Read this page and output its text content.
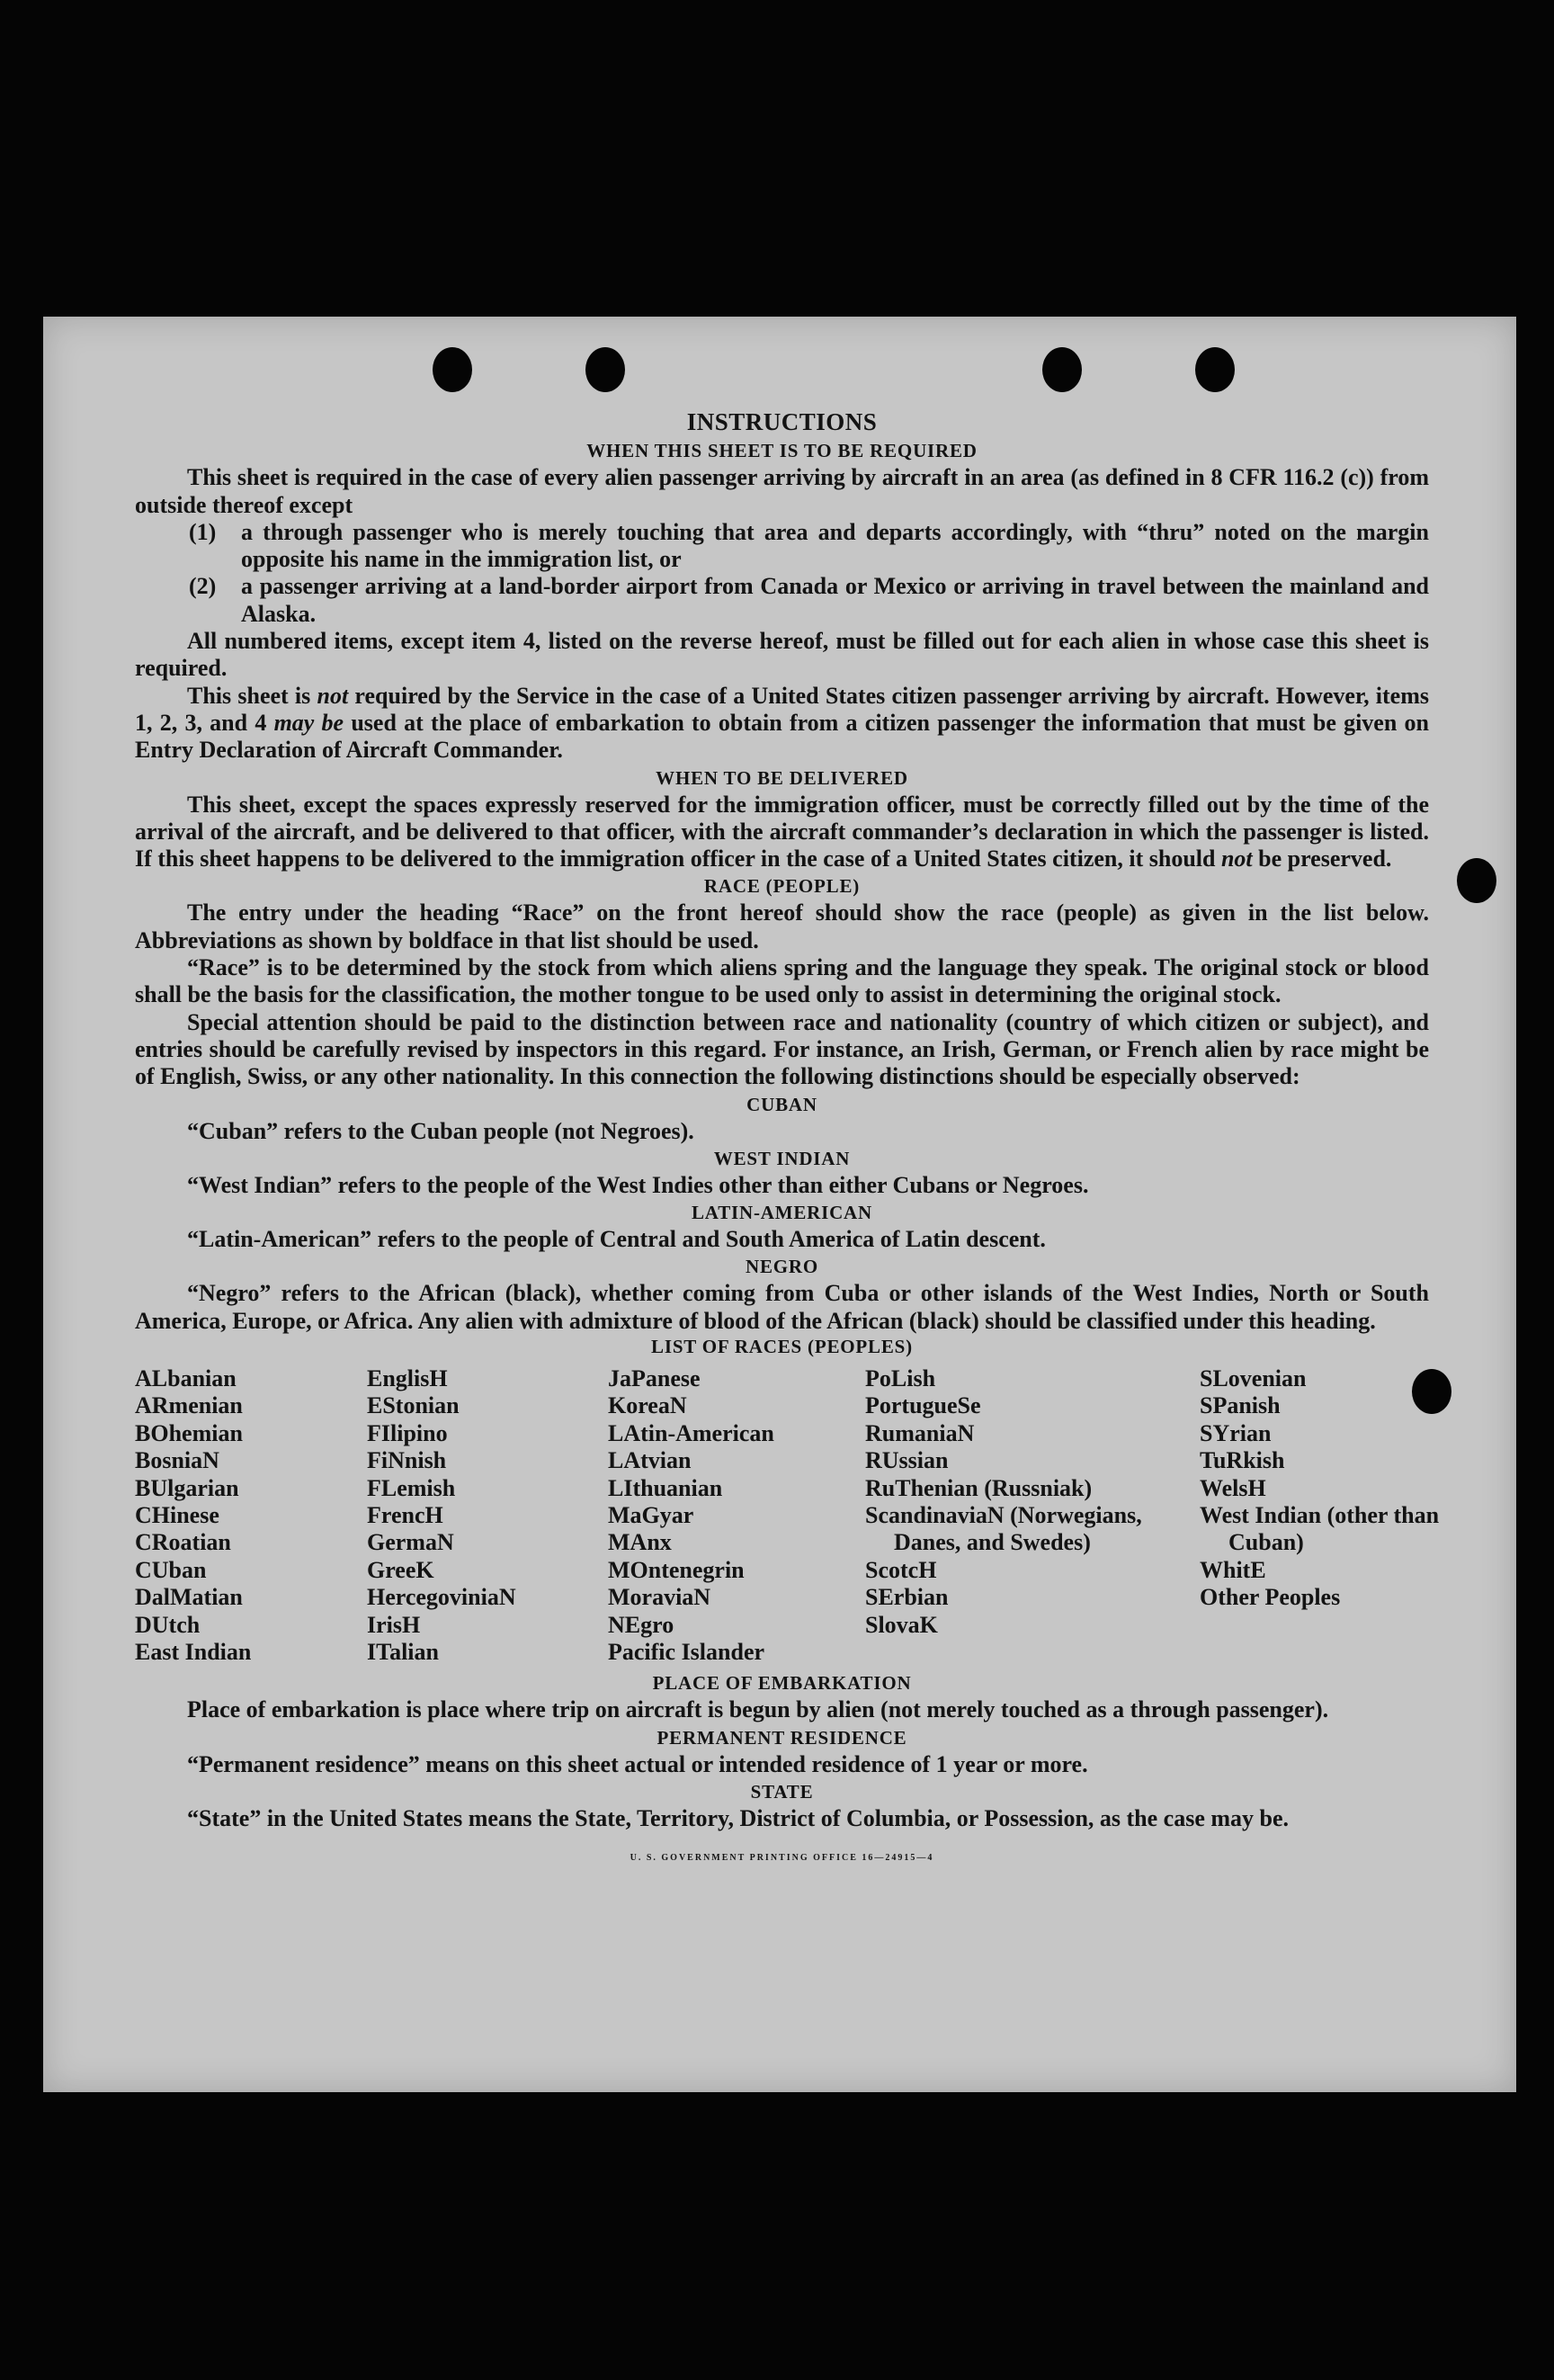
INSTRUCTIONS
WHEN THIS SHEET IS TO BE REQUIRED

This sheet is required in the case of every alien passenger arriving by aircraft in an area (as defined in 8 CFR 116.2 (c)) from outside thereof except

(1)	a through passenger who is merely touching that area and departs accordingly, with “thru” noted on the margin opposite his name in the immigration list, or
(2)	a passenger arriving at a land-border airport from Canada or Mexico or arriving in travel between the mainland and Alaska.

All numbered items, except item 4, listed on the reverse hereof, must be filled out for each alien in whose case this sheet is required.

This sheet is not required by the Service in the case of a United States citizen passenger arriving by aircraft. However, items 1, 2, 3, and 4 may be used at the place of embarkation to obtain from a citizen passenger the information that must be given on Entry Declaration of Aircraft Commander.

WHEN TO BE DELIVERED

This sheet, except the spaces expressly reserved for the immigration officer, must be correctly filled out by the time of the arrival of the aircraft, and be delivered to that officer, with the aircraft commander’s declaration in which the passenger is listed. If this sheet happens to be delivered to the immigration officer in the case of a United States citizen, it should not be preserved.

RACE (PEOPLE)

The entry under the heading “Race” on the front hereof should show the race (people) as given in the list below. Abbreviations as shown by boldface in that list should be used.

“Race” is to be determined by the stock from which aliens spring and the language they speak. The original stock or blood shall be the basis for the classification, the mother tongue to be used only to assist in determining the original stock.

Special attention should be paid to the distinction between race and nationality (country of which citizen or subject), and entries should be carefully revised by inspectors in this regard. For instance, an Irish, German, or French alien by race might be of English, Swiss, or any other nationality. In this connection the following distinctions should be especially observed:

CUBAN

“Cuban” refers to the Cuban people (not Negroes).

WEST INDIAN

“West Indian” refers to the people of the West Indies other than either Cubans or Negroes.

LATIN-AMERICAN

“Latin-American” refers to the people of Central and South America of Latin descent.

NEGRO

“Negro” refers to the African (black), whether coming from Cuba or other islands of the West Indies, North or South America, Europe, or Africa. Any alien with admixture of blood of the African (black) should be classified under this heading.

LIST OF RACES (PEOPLES)
ALbanian
ARmenian
BOhemian
BosniaN
BUlgarian
CHinese
CRoatian
CUban
DalMatian
DUtch
East Indian
EnglisH
EStonian
FIlipino
FiNnish
FLemish
FrencH
GermaN
GreeK
HercegoviniaN
IrisH
ITalian
JaPanese
KoreaN
LAtin-American
LAtvian
LIthuanian
MaGyar
MAnx
MOntenegrin
MoraviaN
NEgro
Pacific Islander
PoLish
PortugueSe
RumaniaN
RUssian
RuThenian (Russniak)
ScandinaviaN (Norwegians, Danes, and Swedes)
ScotcH
SErbian
SlovaK
SLovenian
SPanish
SYrian
TuRkish
WelsH
West Indian (other than Cuban)
WhitE
Other Peoples
PLACE OF EMBARKATION

Place of embarkation is place where trip on aircraft is begun by alien (not merely touched as a through passenger).

PERMANENT RESIDENCE

“Permanent residence” means on this sheet actual or intended residence of 1 year or more.

STATE

“State” in the United States means the State, Territory, District of Columbia, or Possession, as the case may be.

U. S. GOVERNMENT PRINTING OFFICE 16—24915—4
